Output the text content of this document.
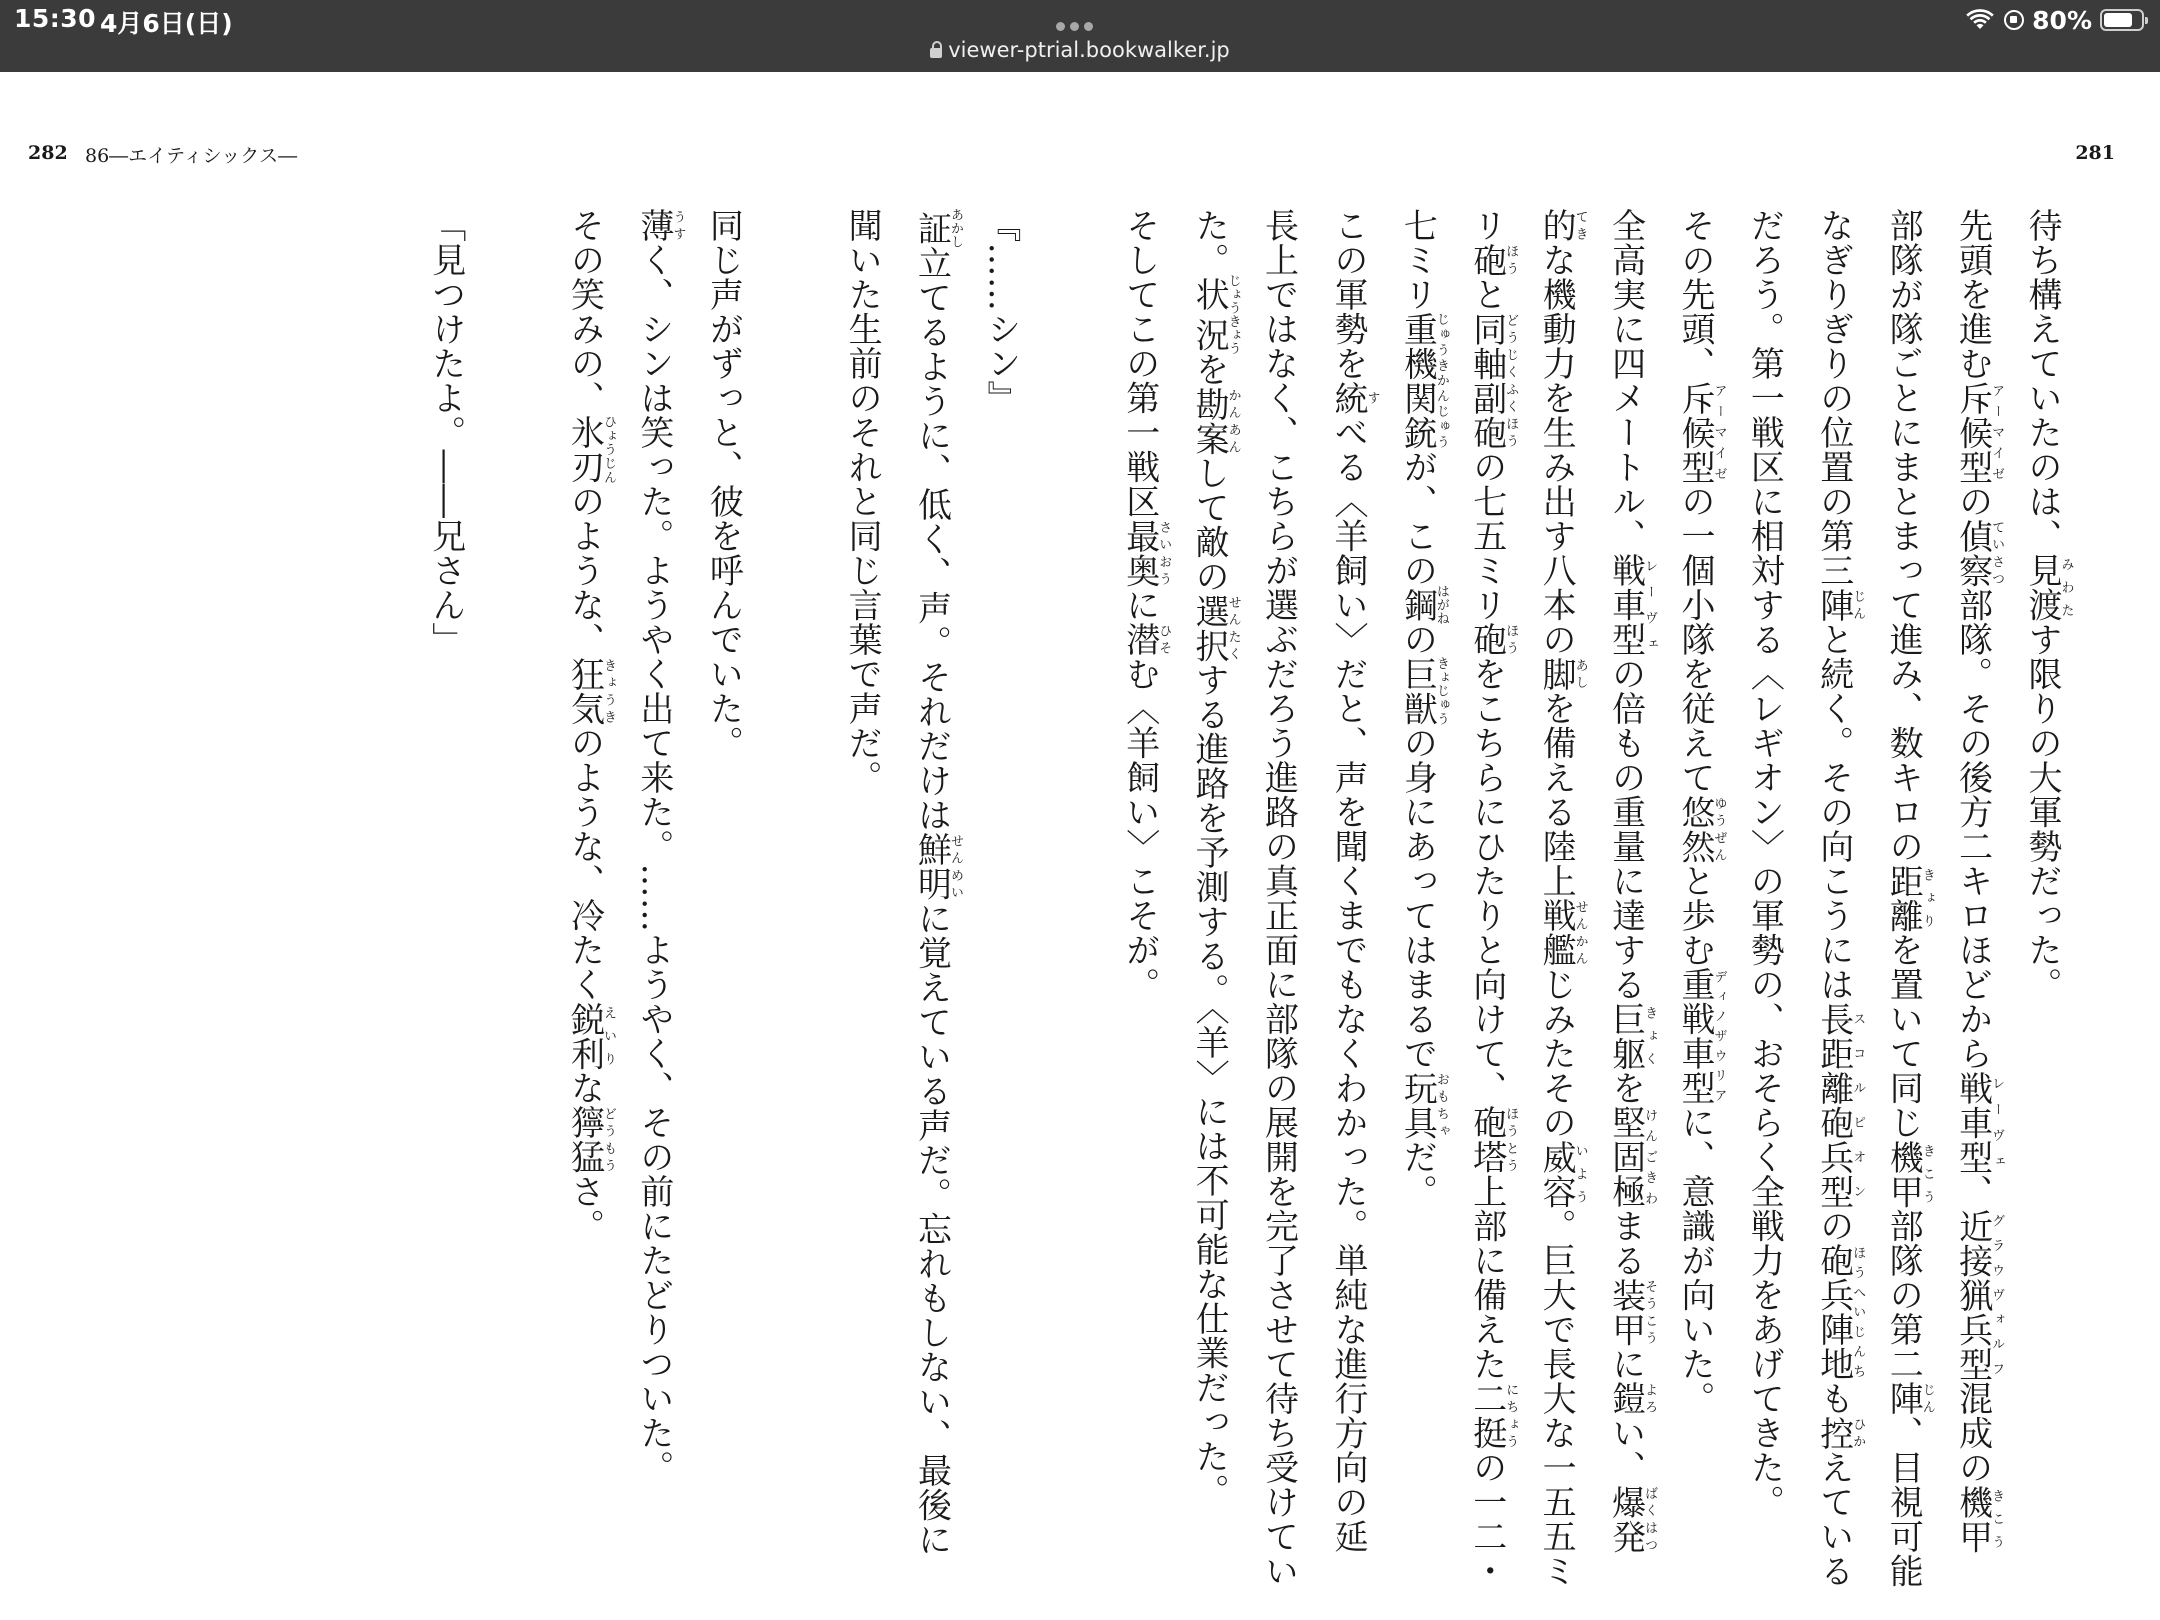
15:30 4月6日(日)
viewer-ptrial.bookwalker.jp
80%
282 86―エイティシックス―	281

待ち構えていたのは、見渡みわたす限りの大軍勢だった。

先頭を進む斥候型アーマイゼの偵察ていさつ部隊。その後方二キロほどから戦車型レーヴェ、近接猟兵型グラウヴォルフ混成の機甲きこう

部隊が隊ごとにまとまって進み、数キロの距離きょりを置いて同じ機甲きこう部隊の第二陣じん、目視可能

なぎりぎりの位置の第三陣じんと続く。その向こうには長距離砲兵型スコルピオンの砲兵陣地ほうへいじんちも控ひかえている

だろう。第一戦区に相対する〈レギオン〉の軍勢の、おそらく全戦力をあげてきた。

その先頭、斥候型アーマイゼの一個小隊を従えて悠然ゆうぜんと歩む重戦車型ディノザウリアに、意識が向いた。

全高実に四メートル、戦車型レーヴェの倍もの重量に達する巨躯きょくを堅固極けんごきわまる装甲そうこうに鎧よろい、爆発ばくはつ

的てきな機動力を生み出す八本の脚あしを備える陸上戦艦せんかんじみたその威容いよう。巨大で長大な一五五ミ

リ砲ほうと同軸副砲どうじくふくほうの七五ミリ砲ほうをこちらにひたりと向けて、砲塔ほうとう上部に備えた二挺にちょうの一二・

七ミリ重機関銃じゅうきかんじゅうが、この鋼はがねの巨獣きょじゅうの身にあってはまるで玩具おもちゃだ。

この軍勢を統すべる〈羊飼い〉だと、声を聞くまでもなくわかった。単純な進行方向の延

長上ではなく、こちらが選ぶだろう進路の真正面に部隊の展開を完了させて待ち受けてい

た。状況じょうきょうを勘案かんあんして敵の選択せんたくする進路を予測する。〈羊〉には不可能な仕業だった。

そしてこの第一戦区最奥さいおうに潜ひそむ〈羊飼い〉こそが。

『……シン』

証あかし立てるように、低く、声。それだけは鮮明せんめいに覚えている声だ。忘れもしない、最後に

聞いた生前のそれと同じ言葉で声だ。

同じ声がずっと、彼を呼んでいた。

薄うすく、シンは笑った。ようやく出て来た。……ようやく、その前にたどりついた。

その笑みの、氷刃ひょうじんのような、狂気きょうきのような、冷たく鋭利えいりな獰猛どうもうさ。

「見つけたよ。――兄さん」
